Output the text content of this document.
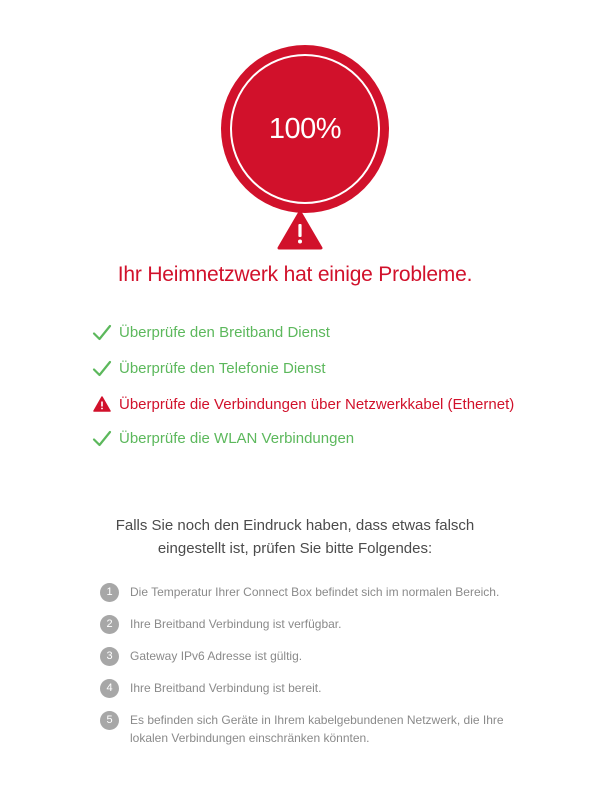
100%
Ihr Heimnetzwerk hat einige Probleme.
Überprüfe den Breitband Dienst
Überprüfe den Telefonie Dienst
Überprüfe die Verbindungen über Netzwerkkabel (Ethernet)
Überprüfe die WLAN Verbindungen
Falls Sie noch den Eindruck haben, dass etwas falsch eingestellt ist, prüfen Sie bitte Folgendes:
1	Die Temperatur Ihrer Connect Box befindet sich im normalen Bereich.
2	Ihre Breitband Verbindung ist verfügbar.
3	Gateway IPv6 Adresse ist gültig.
4	Ihre Breitband Verbindung ist bereit.
5	Es befinden sich Geräte in Ihrem kabelgebundenen Netzwerk, die Ihre lokalen Verbindungen einschränken könnten.
